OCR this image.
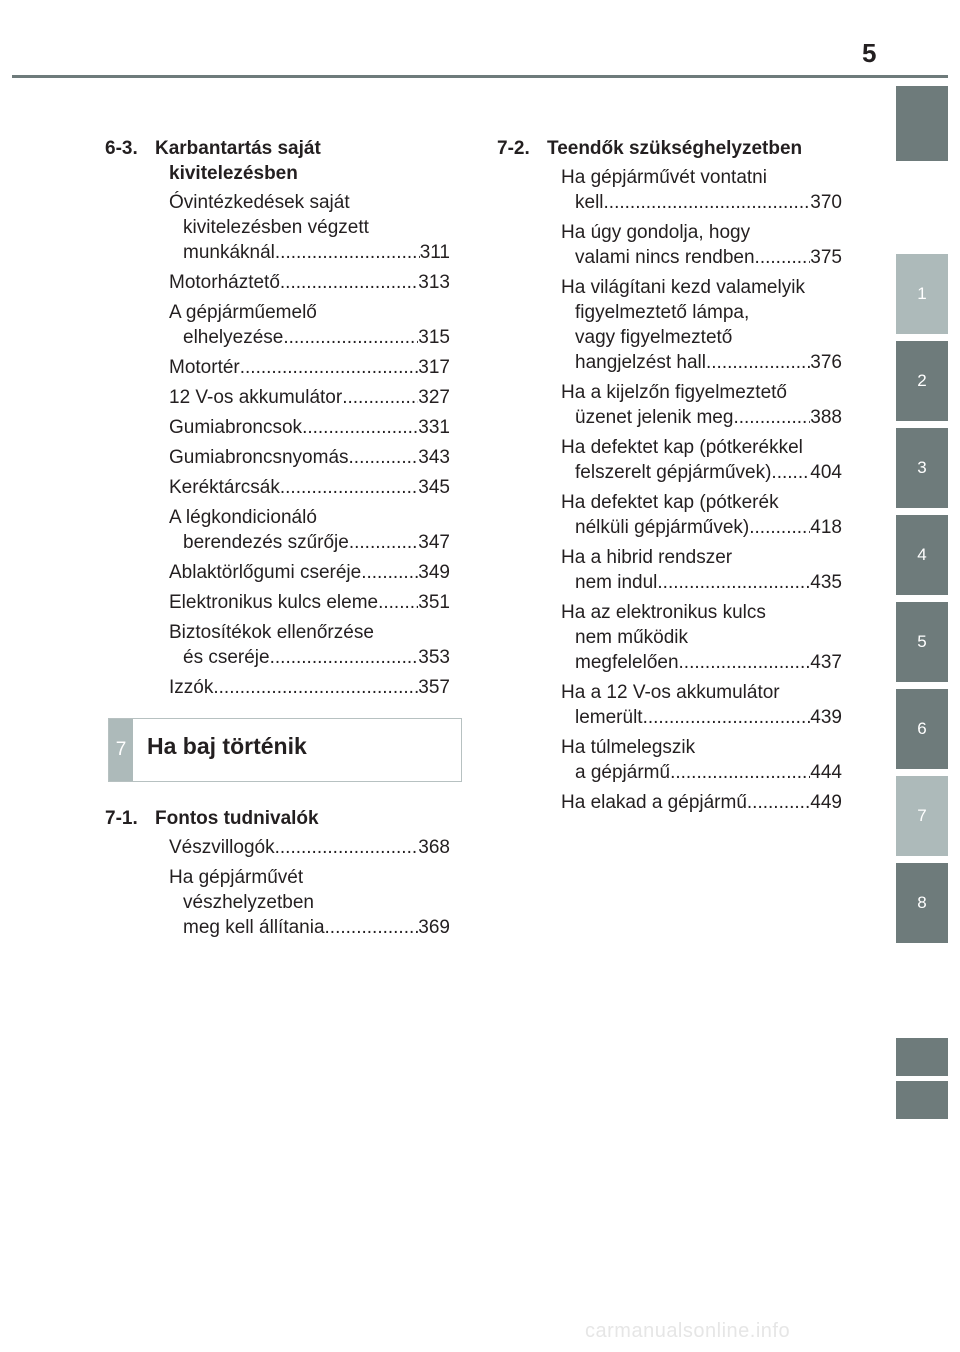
5
1
2
3
4
5
6
7
8
6-3. Karbantartás saját
kivitelezésben
Óvintézkedések saját
kivitelezésben végzett
munkáknál .....	311
Motorháztető .....	313
A gépjárműemelő
elhelyezése .....	315
Motortér .....	317
12 V-os akkumulátor .....	327
Gumiabroncsok .....	331
Gumiabroncsnyomás .....	343
Keréktárcsák .....	345
A légkondicionáló
berendezés szűrője .....	347
Ablaktörlőgumi cseréje .....	349
Elektronikus kulcs eleme ..... 351
Biztosítékok ellenőrzése
és cseréje .....	353
Izzók .....	357
7-1. Fontos tudnivalók
Vészvillogók .....	368
Ha gépjárművét
vészhelyzetben
meg kell állítania .....	369
7-2. Teendők szükséghelyzetben
Ha gépjárművét vontatni
kell .....	370
Ha úgy gondolja, hogy
valami nincs rendben .....	375
Ha világítani kezd valamelyik
figyelmeztető lámpa,
vagy figyelmeztető
hangjelzést hall... .....	376
Ha a kijelzőn figyelmeztető
üzenet jelenik meg .....	388
Ha defektet kap (pótkerékkel
felszerelt gépjárművek) ..... 404
Ha defektet kap (pótkerék
nélküli gépjárművek) .....	418
Ha a hibrid rendszer
nem indul .....	435
Ha az elektronikus kulcs
nem működik
megfelelően .....	437
Ha a 12 V-os akkumulátor
lemerült .....	439
Ha túlmelegszik
a gépjármű .....	444
Ha elakad a gépjármű .....	449
7 Ha baj történik
carmanualsonline.info
